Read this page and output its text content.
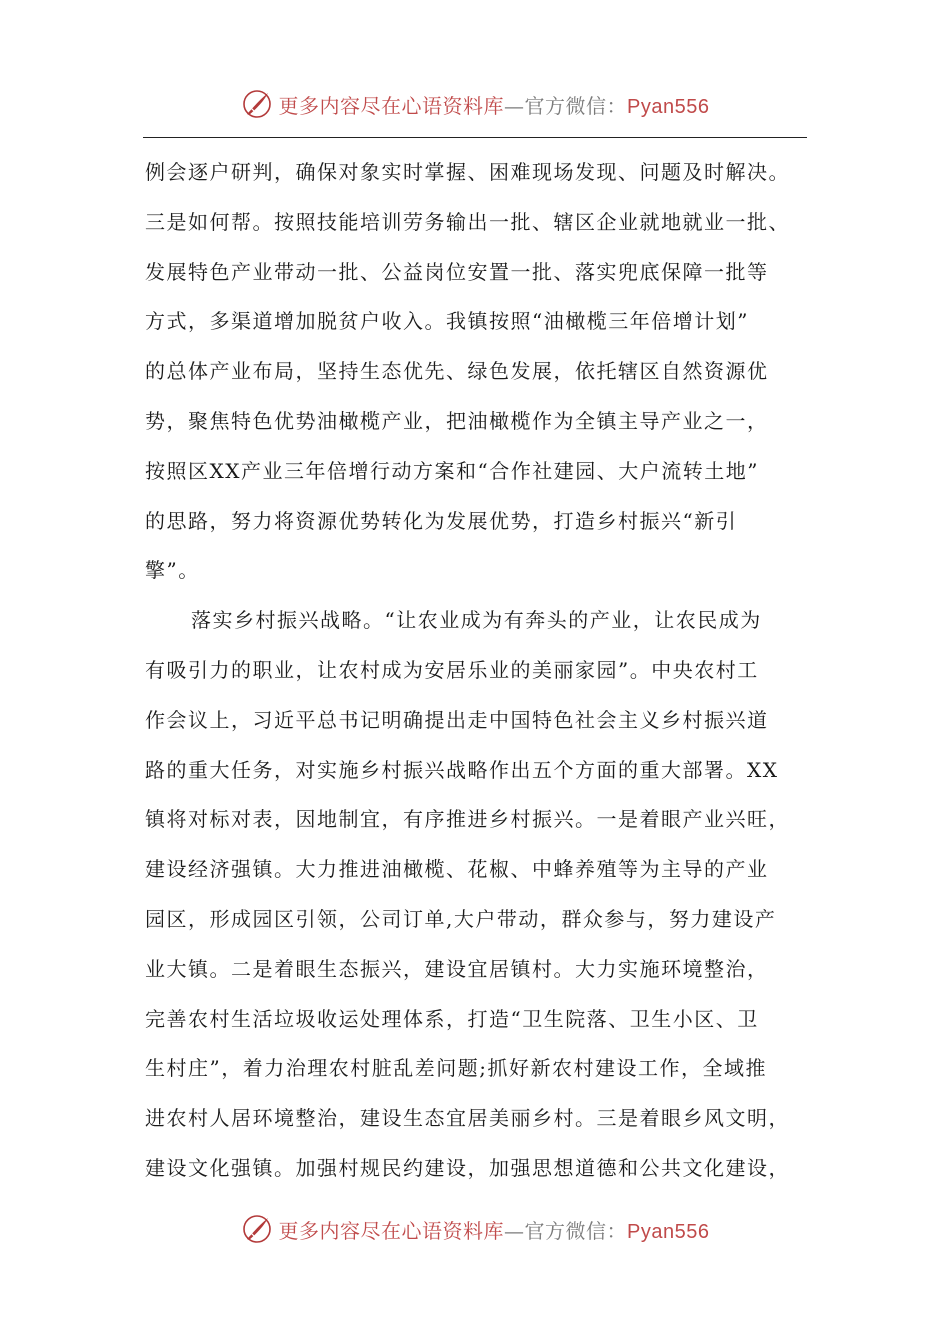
更多内容尽在心语资料库—官方微信：Pyan556
例会逐户研判，确保对象实时掌握、困难现场发现、问题及时解决。
三是如何帮。按照技能培训劳务输出一批、辖区企业就地就业一批、
发展特色产业带动一批、公益岗位安置一批、落实兜底保障一批等
方式，多渠道增加脱贫户收入。我镇按照“油橄榄三年倍增计划”
的总体产业布局，坚持生态优先、绿色发展，依托辖区自然资源优
势，聚焦特色优势油橄榄产业，把油橄榄作为全镇主导产业之一，
按照区XX产业三年倍增行动方案和“合作社建园、大户流转土地”
的思路，努力将资源优势转化为发展优势，打造乡村振兴“新引
擎”。
落实乡村振兴战略。“让农业成为有奔头的产业，让农民成为
有吸引力的职业，让农村成为安居乐业的美丽家园”。中央农村工
作会议上，习近平总书记明确提出走中国特色社会主义乡村振兴道
路的重大任务，对实施乡村振兴战略作出五个方面的重大部署。XX
镇将对标对表，因地制宜，有序推进乡村振兴。一是着眼产业兴旺，
建设经济强镇。大力推进油橄榄、花椒、中蜂养殖等为主导的产业
园区，形成园区引领，公司订单,大户带动，群众参与，努力建设产
业大镇。二是着眼生态振兴，建设宜居镇村。大力实施环境整治，
完善农村生活垃圾收运处理体系，打造“卫生院落、卫生小区、卫
生村庄”，着力治理农村脏乱差问题;抓好新农村建设工作，全域推
进农村人居环境整治，建设生态宜居美丽乡村。三是着眼乡风文明，
建设文化强镇。加强村规民约建设，加强思想道德和公共文化建设，
更多内容尽在心语资料库—官方微信：Pyan556
